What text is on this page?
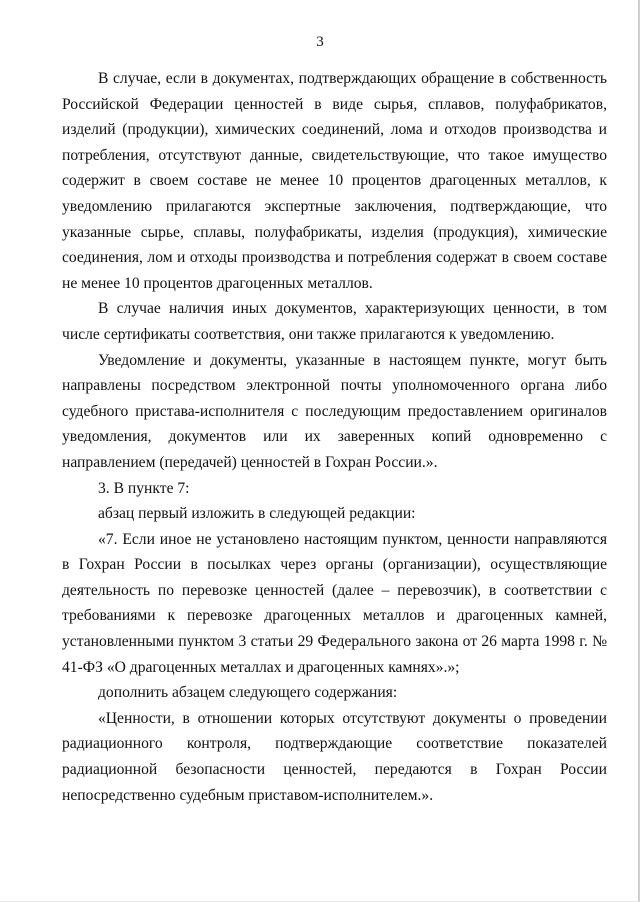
3

В случае, если в документах, подтверждающих обращение в собственность Российской Федерации ценностей в виде сырья, сплавов, полуфабрикатов, изделий (продукции), химических соединений, лома и отходов производства и потребления, отсутствуют данные, свидетельствующие, что такое имущество содержит в своем составе не менее 10 процентов драгоценных металлов, к уведомлению прилагаются экспертные заключения, подтверждающие, что указанные сырье, сплавы, полуфабрикаты, изделия (продукция), химические соединения, лом и отходы производства и потребления содержат в своем составе не менее 10 процентов драгоценных металлов.

В случае наличия иных документов, характеризующих ценности, в том числе сертификаты соответствия, они также прилагаются к уведомлению.

Уведомление и документы, указанные в настоящем пункте, могут быть направлены посредством электронной почты уполномоченного органа либо судебного пристава-исполнителя с последующим предоставлением оригиналов уведомления, документов или их заверенных копий одновременно с направлением (передачей) ценностей в Гохран России.».

3. В пункте 7:

абзац первый изложить в следующей редакции:

«7. Если иное не установлено настоящим пунктом, ценности направляются в Гохран России в посылках через органы (организации), осуществляющие деятельность по перевозке ценностей (далее – перевозчик), в соответствии с требованиями к перевозке драгоценных металлов и драгоценных камней, установленными пунктом 3 статьи 29 Федерального закона от 26 марта 1998 г. № 41-ФЗ «О драгоценных металлах и драгоценных камнях».»;

дополнить абзацем следующего содержания:

«Ценности, в отношении которых отсутствуют документы о проведении радиационного контроля, подтверждающие соответствие показателей радиационной безопасности ценностей, передаются в Гохран России непосредственно судебным приставом-исполнителем.».
